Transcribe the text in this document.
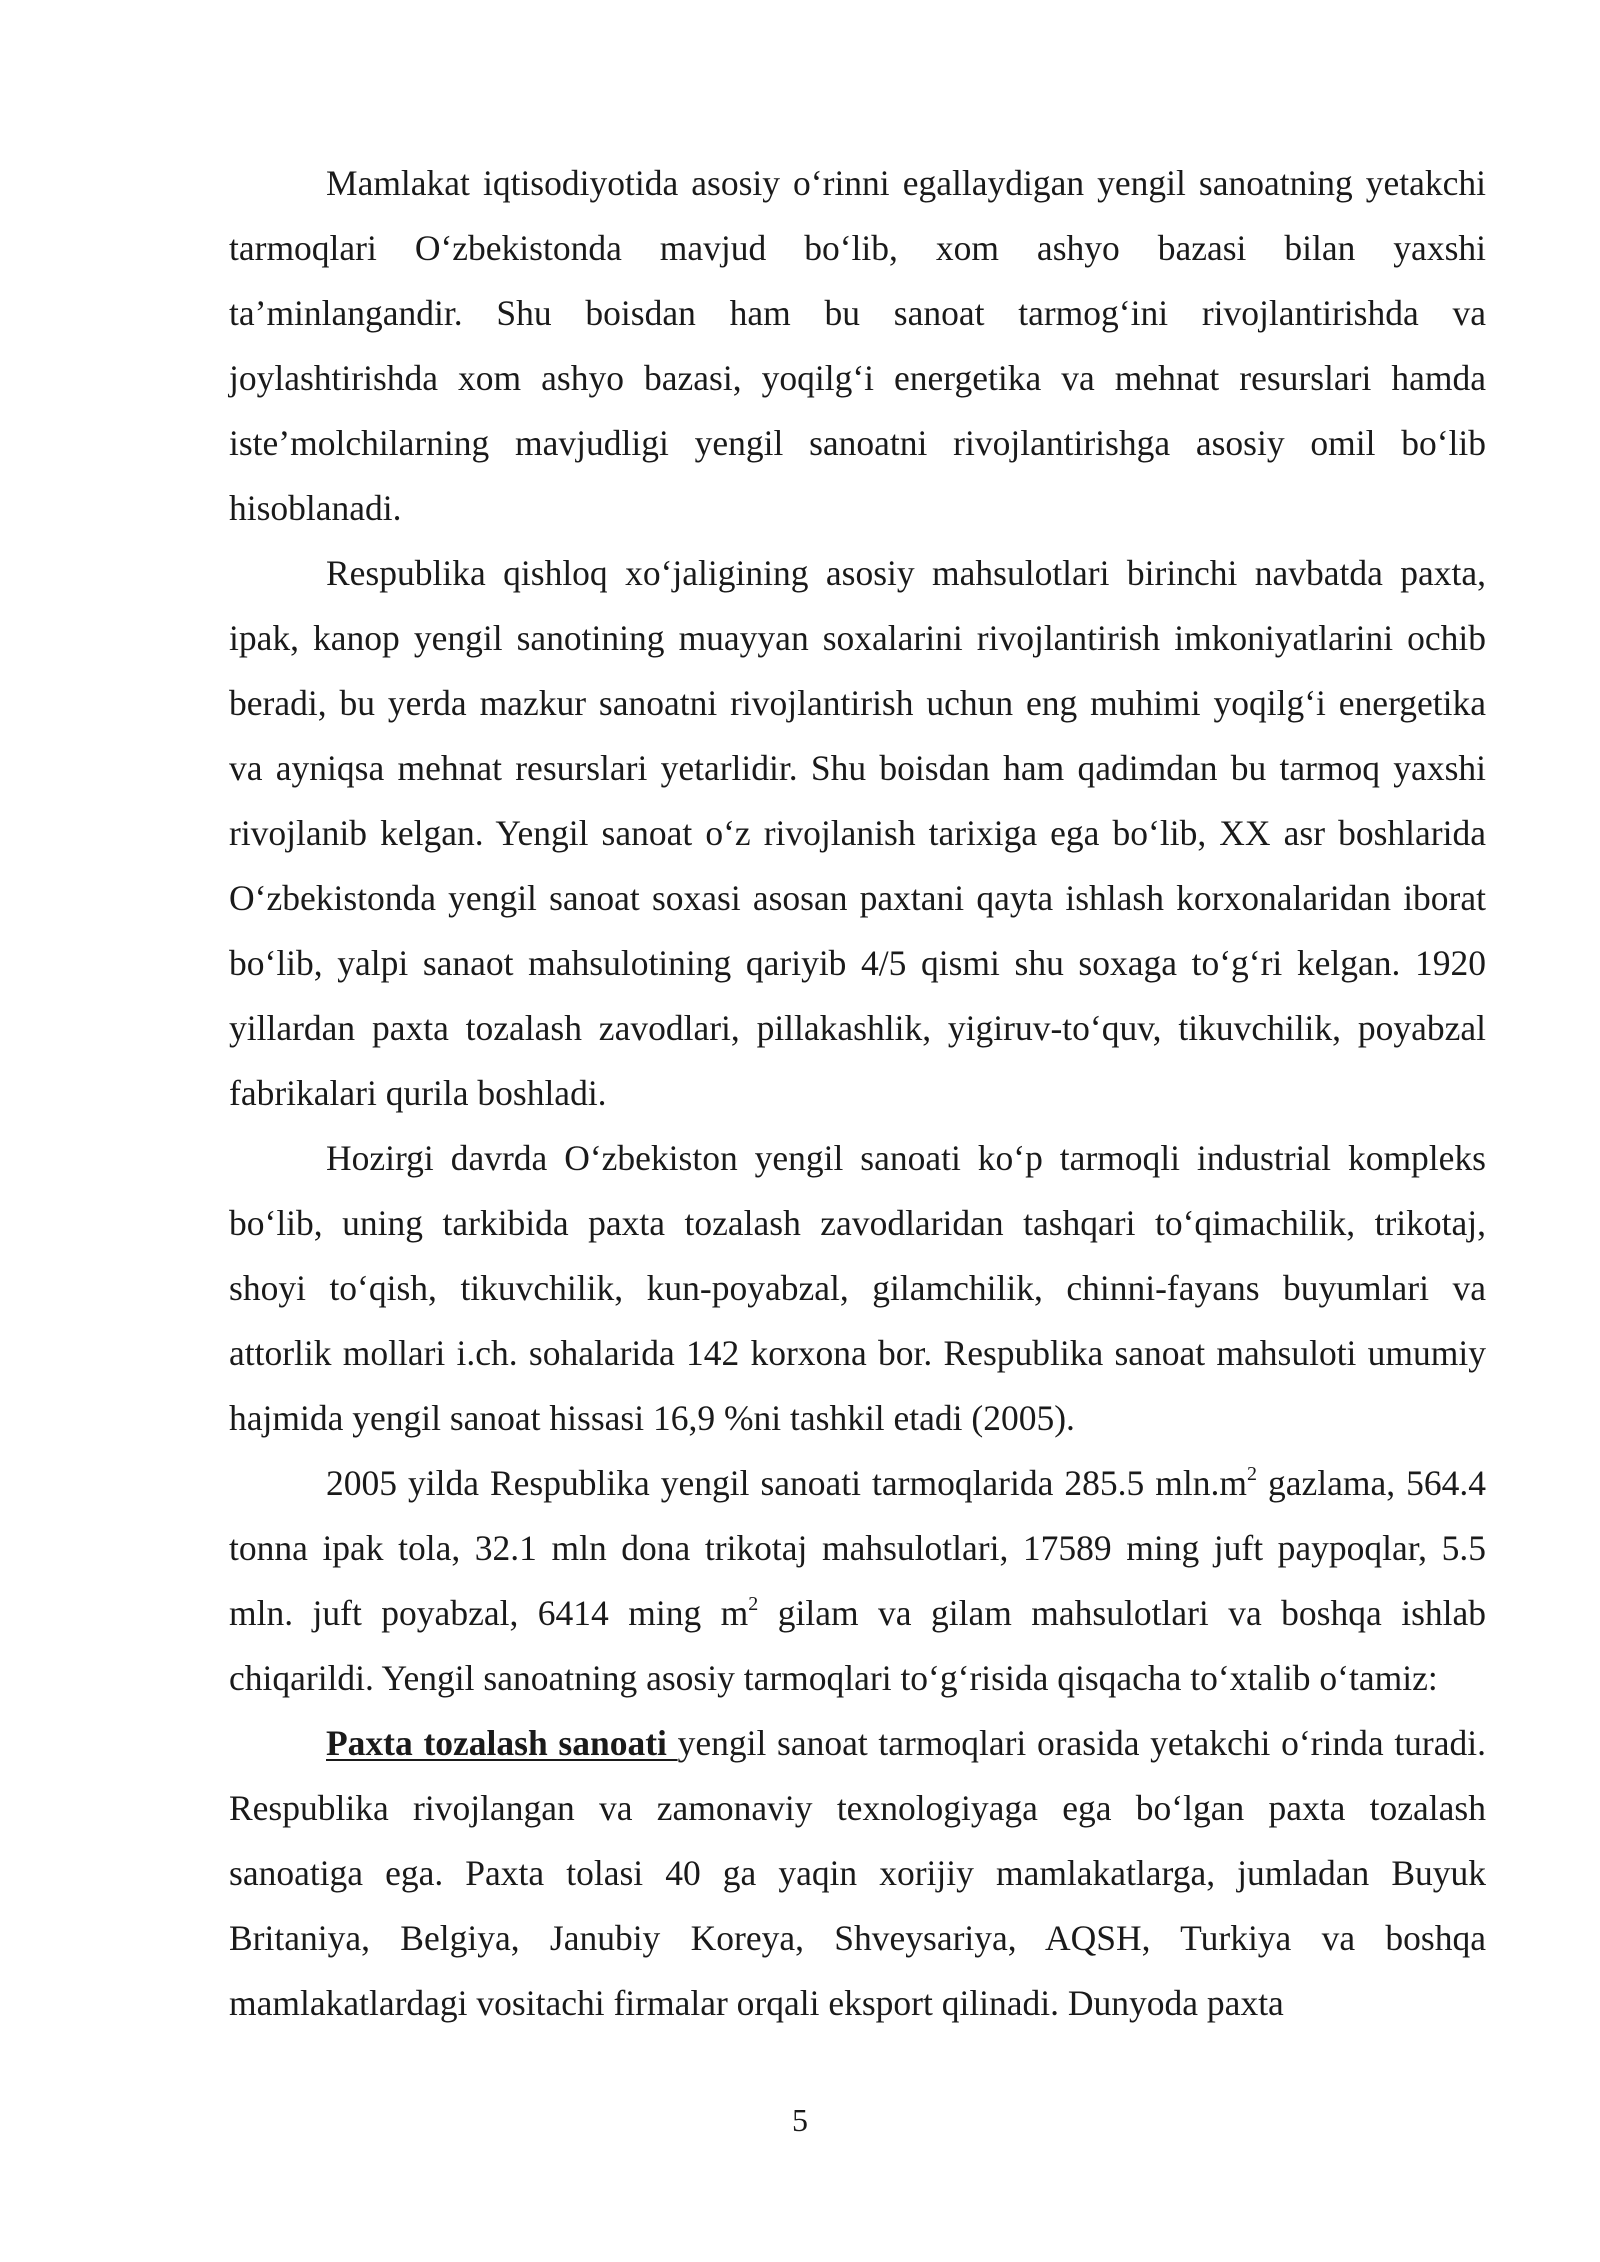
Mamlakat iqtisodiyotida asosiy o‘rinni egallaydigan yengil sanoatning yetakchi tarmoqlari O‘zbekistonda mavjud bo‘lib, xom ashyo bazasi bilan yaxshi ta’minlangandir. Shu boisdan ham bu sanoat tarmog‘ini rivojlantirishda va joylashtirishda xom ashyo bazasi, yoqilg‘i energetika va mehnat resurslari hamda iste’molchilarning mavjudligi yengil sanoatni rivojlantirishga asosiy omil bo‘lib hisoblanadi.

Respublika qishloq xo‘jaligining asosiy mahsulotlari birinchi navbatda paxta, ipak, kanop yengil sanotining muayyan soxalarini rivojlantirish imkoniyatlarini ochib beradi, bu yerda mazkur sanoatni rivojlantirish uchun eng muhimi yoqilg‘i energetika va ayniqsa mehnat resurslari yetarlidir. Shu boisdan ham qadimdan bu tarmoq yaxshi rivojlanib kelgan. Yengil sanoat o‘z rivojlanish tarixiga ega bo‘lib, XX asr boshlarida O‘zbekistonda yengil sanoat soxasi asosan paxtani qayta ishlash korxonalaridan iborat bo‘lib, yalpi sanaot mahsulotining qariyib 4/5 qismi shu soxaga to‘g‘ri kelgan. 1920 yillardan paxta tozalash zavodlari, pillakashlik, yigiruv-to‘quv, tikuvchilik, poyabzal fabrikalari qurila boshladi.

Hozirgi davrda O‘zbekiston yengil sanoati ko‘p tarmoqli industrial kompleks bo‘lib, uning tarkibida paxta tozalash zavodlaridan tashqari to‘qimachilik, trikotaj, shoyi to‘qish, tikuvchilik, kun-poyabzal, gilamchilik, chinni-fayans buyumlari va attorlik mollari i.ch. sohalarida 142 korxona bor. Respublika sanoat mahsuloti umumiy hajmida yengil sanoat hissasi 16,9 %ni tashkil etadi (2005).

2005 yilda Respublika yengil sanoati tarmoqlarida 285.5 $mln.m^2$ gazlama, 564.4 tonna ipak tola, 32.1 mln dona trikotaj mahsulotlari, 17589 ming juft paypoqlar, 5.5 mln. juft poyabzal, 6414 ming $m^2$ gilam va gilam mahsulotlari va boshqa ishlab chiqarildi. Yengil sanoatning asosiy tarmoqlari to‘g‘risida qisqacha to‘xtalib o‘tamiz:

Paxta tozalash sanoati yengil sanoat tarmoqlari orasida yetakchi o‘rinda turadi. Respublika rivojlangan va zamonaviy texnologiyaga ega bo‘lgan paxta tozalash sanoatiga ega. Paxta tolasi 40 ga yaqin xorijiy mamlakatlarga, jumladan Buyuk Britaniya, Belgiya, Janubiy Koreya, Shveysariya, AQSH, Turkiya va boshqa mamlakatlardagi vositachi firmalar orqali eksport qilinadi. Dunyoda paxta

5
